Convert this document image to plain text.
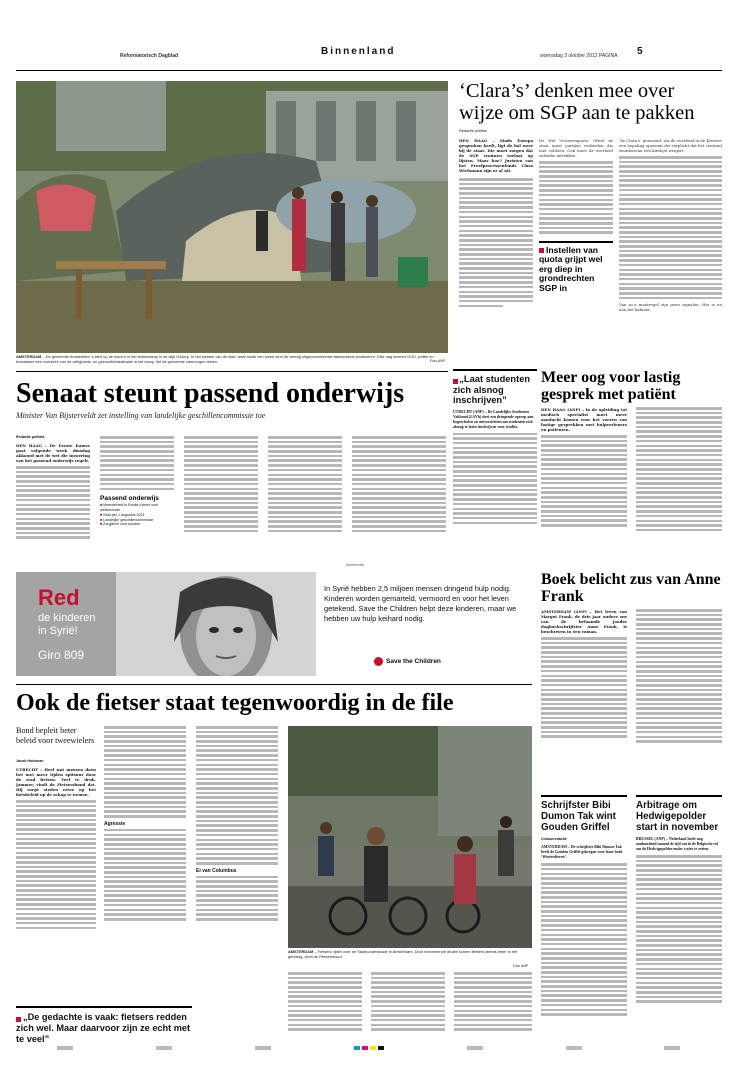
Reformatorisch Dagblad	Binnenland	woensdag 3 oktober 2012 PAGINA 5
AMSTERDAM – De gemeente Amsterdam ’s alert op de risico’s in het tentenkamp in de wijk Osdorp. In het westen van de stad, waar sinds een week rond de veertig uitgeprocedeerde asielzoekers bivakkeren. Elke dag leveren GGD, politie en brandweer een overzicht van de veiligheids- en gezondheidssituatie in het kamp, liet de gemeente vanmorgen weten.	Foto ANP
‘Clara’s’ denken mee over wijze om SGP aan te pakken
Redactie politiek

DEN HAAG – Sinds Europa gesproken heeft, ligt de bal weer bij de staat. Die moet zorgen dat de SGP vrouwen toelaat op lijsten. Maar hoe? Juristen van het Proefprocessenfonds Clara Wichmann zijn er al uit.

De Wet Vrouwenquota. Ofwel de staat moet partijen verbieden die niet voldoen. Ook moet de overheid subsidie intrekken.

Instellen van quota grijpt wel erg diep in grondrechten SGP in

‘de Clara’s’ genoemd– als de overheid in de Kieswet een bepaling opneemt die verplicht dat het centraal stembureau een kieslijst weigert.

Van zo’n maatregel zijn geen signalen. Het is nu aan het kabinet.

Senaat steunt passend onderwijs
Minister Van Bijsterveldt zet instelling van landelijke geschillencommissie toe
Redactie politiek

DEN HAAG – De Eerste Kamer gaat volgende week dinsdag akkoord met de wet die invoering van het passend onderwijs regelt.

Passend onderwijs
■ Meerderheid in Eerste Kamer voor wetsvoorstel
■ Start per 1 augustus 2014
■ Landelijke geschillencommissie
■ Zorgplicht voor scholen
(Advertentie)
„Laat studenten zich alsnog inschrijven”

UTRECHT (ANP) – De Landelijke Studenten Vakbond (LSVb) doet een dringende oproep aan hogescholen en universiteiten om studenten zich alsnog te laten inschrijven voor studies.

Meer oog voor lastig gesprek met patiënt

DEN HAAG (ANP) – In de opleiding tot medisch specialist moet meer aandacht komen voor het voeren van lastige gesprekken met hulpverleners en patiënten.

Red
de kinderen
in Syrië!
Giro 809
In Syrië hebben 2,5 miljoen mensen dringend hulp nodig. Kinderen worden gemarteld, vermoord en voor het leven getekend. Save the Children helpt deze kinderen, maar we hebben uw hulp keihard nodig.
Save the Children
Boek belicht zus van Anne Frank

AMSTERDAM (ANP) – Het leven van Margot Frank, de drie jaar oudere zus van de befaamde Joodse dagboekschrijfster Anne Frank, is beschreven in een roman.

Ook de fietser staat tegenwoordig in de file
Bond bepleit beter beleid voor tweewielers
Jacob Hoekman

UTRECHT – Heel wat mensen doen het met meer tijden spitsuur door de stad fietsen. Veel te druk. Jammer, vindt de Fietsersbond dat. Hij roept steden ertoe op het fietsbeleid op de schop te nemen.

Agressie
Ei van Columbus
AMSTERDAM – Fietsers rijden over de Stadhouderskade in Amsterdam. Door toenemende drukte komen fietsers steeds meer in het gedrang, vindt de Fietsersbond.
Foto ANP
„De gedachte is vaak: fietsers redden zich wel. Maar daarvoor zijn ze echt met te veel”
Schrijfster Bibi Dumon Tak wint Gouden Griffel
Cultuurredactie

AMSTERDAM – De schrijfster Bibi Dumon Tak heeft de Gouden Griffel gekregen voor haar boek ‘Winterdieren’.

Arbitrage om Hedwigepolder start in november

BRUSSEL (ANP) – Nederland heeft nog aanhoudend maand de tijd om in de Belgische rol om de Hedwigepolder onder water te zetten.
